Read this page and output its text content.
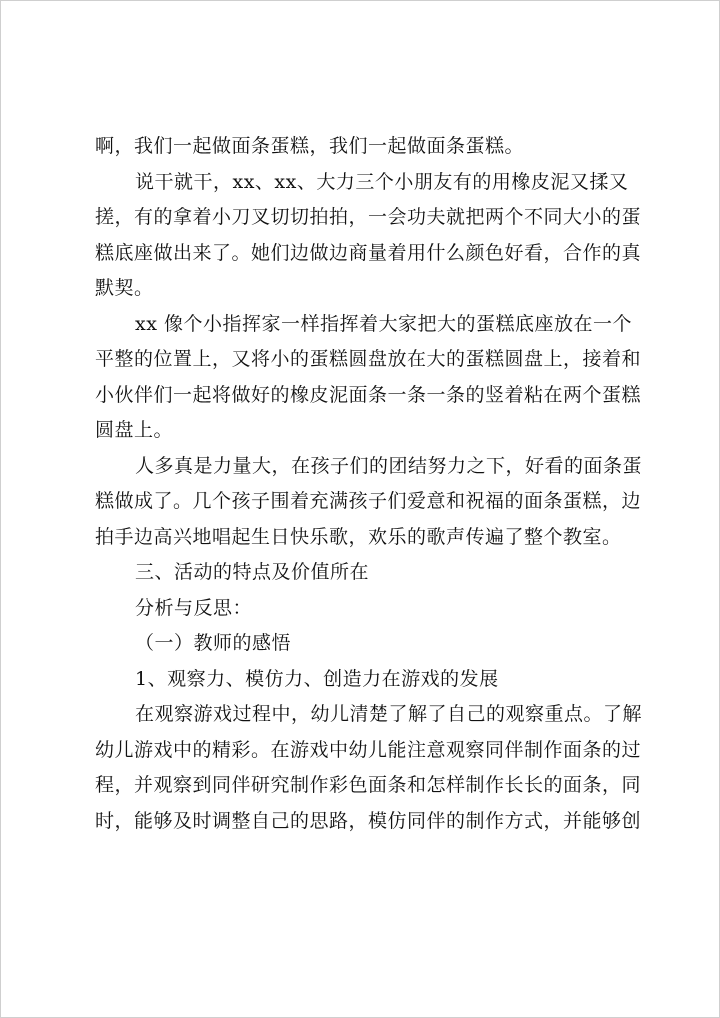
啊，我们一起做面条蛋糕，我们一起做面条蛋糕。
说干就干，xx、xx、大力三个小朋友有的用橡皮泥又揉又
搓，有的拿着小刀叉切切拍拍，一会功夫就把两个不同大小的蛋
糕底座做出来了。她们边做边商量着用什么颜色好看，合作的真
默契。
xx 像个小指挥家一样指挥着大家把大的蛋糕底座放在一个
平整的位置上，又将小的蛋糕圆盘放在大的蛋糕圆盘上，接着和
小伙伴们一起将做好的橡皮泥面条一条一条的竖着粘在两个蛋糕
圆盘上。
人多真是力量大，在孩子们的团结努力之下，好看的面条蛋
糕做成了。几个孩子围着充满孩子们爱意和祝福的面条蛋糕，边
拍手边高兴地唱起生日快乐歌，欢乐的歌声传遍了整个教室。
三、活动的特点及价值所在
分析与反思：
（一）教师的感悟
1、观察力、模仿力、创造力在游戏的发展
在观察游戏过程中，幼儿清楚了解了自己的观察重点。了解
幼儿游戏中的精彩。在游戏中幼儿能注意观察同伴制作面条的过
程，并观察到同伴研究制作彩色面条和怎样制作长长的面条，同
时，能够及时调整自己的思路，模仿同伴的制作方式，并能够创
